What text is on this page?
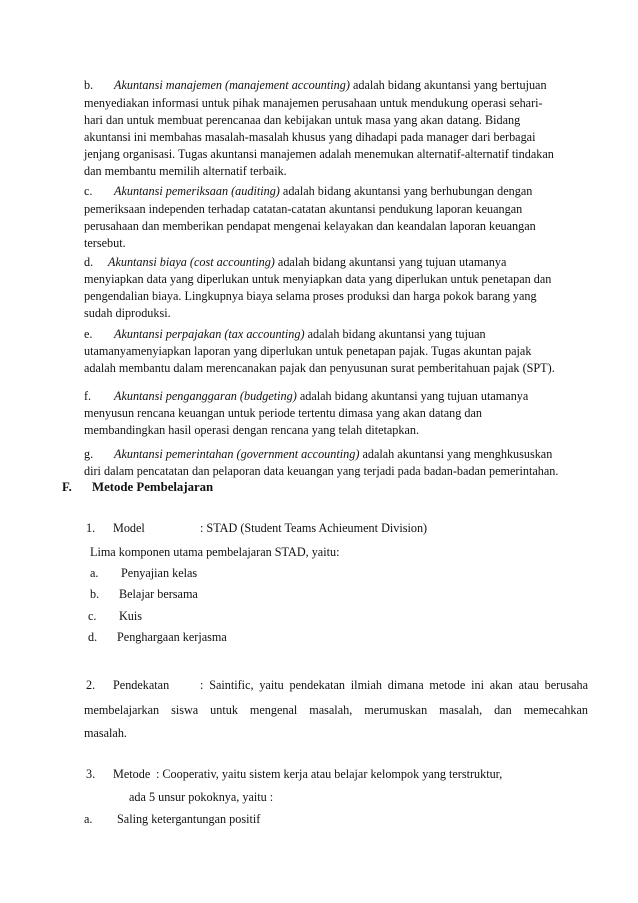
b. Akuntansi manajemen (manajement accounting) adalah bidang akuntansi yang bertujuan
menyediakan informasi untuk pihak manajemen perusahaan untuk mendukung operasi sehari-
hari dan untuk membuat perencanaa dan kebijakan untuk masa yang akan datang. Bidang
akuntansi ini membahas masalah-masalah khusus yang dihadapi pada manager dari berbagai
jenjang organisasi. Tugas akuntansi manajemen adalah menemukan alternatif-alternatif tindakan
dan membantu memilih alternatif terbaik.
c. Akuntansi pemeriksaan (auditing) adalah bidang akuntansi yang berhubungan dengan
pemeriksaan independen terhadap catatan-catatan akuntansi pendukung laporan keuangan
perusahaan dan memberikan pendapat mengenai kelayakan dan keandalan laporan keuangan
tersebut.
d. Akuntansi biaya (cost accounting) adalah bidang akuntansi yang tujuan utamanya
menyiapkan data yang diperlukan untuk menyiapkan data yang diperlukan untuk penetapan dan
pengendalian biaya. Lingkupnya biaya selama proses produksi dan harga pokok barang yang
sudah diproduksi.
e. Akuntansi perpajakan (tax accounting) adalah bidang akuntansi yang tujuan
utamanyamenyiapkan laporan yang diperlukan untuk penetapan pajak. Tugas akuntan pajak
adalah membantu dalam merencanakan pajak dan penyusunan surat pemberitahuan pajak (SPT).
f. Akuntansi penganggaran (budgeting) adalah bidang akuntansi yang tujuan utamanya
menyusun rencana keuangan untuk periode tertentu dimasa yang akan datang dan
membandingkan hasil operasi dengan rencana yang telah ditetapkan.
g. Akuntansi pemerintahan (government accounting) adalah akuntansi yang menghkususkan
diri dalam pencatatan dan pelaporan data keuangan yang terjadi pada badan-badan pemerintahan.
F. Metode Pembelajaran
1. Model	: STAD (Student Teams Achieument Division)
Lima komponen utama pembelajaran STAD, yaitu:
a. Penyajian kelas
b. Belajar bersama
c. Kuis
d. Penghargaan kerjasma
2. Pendekatan	: Saintific, yaitu pendekatan ilmiah dimana metode ini akan atau berusaha
membelajarkan siswa untuk mengenal masalah, merumuskan masalah, dan memecahkan
masalah.
3. Metode : Cooperativ, yaitu sistem kerja atau belajar kelompok yang terstruktur,
ada 5 unsur pokoknya, yaitu :
a. Saling ketergantungan positif
